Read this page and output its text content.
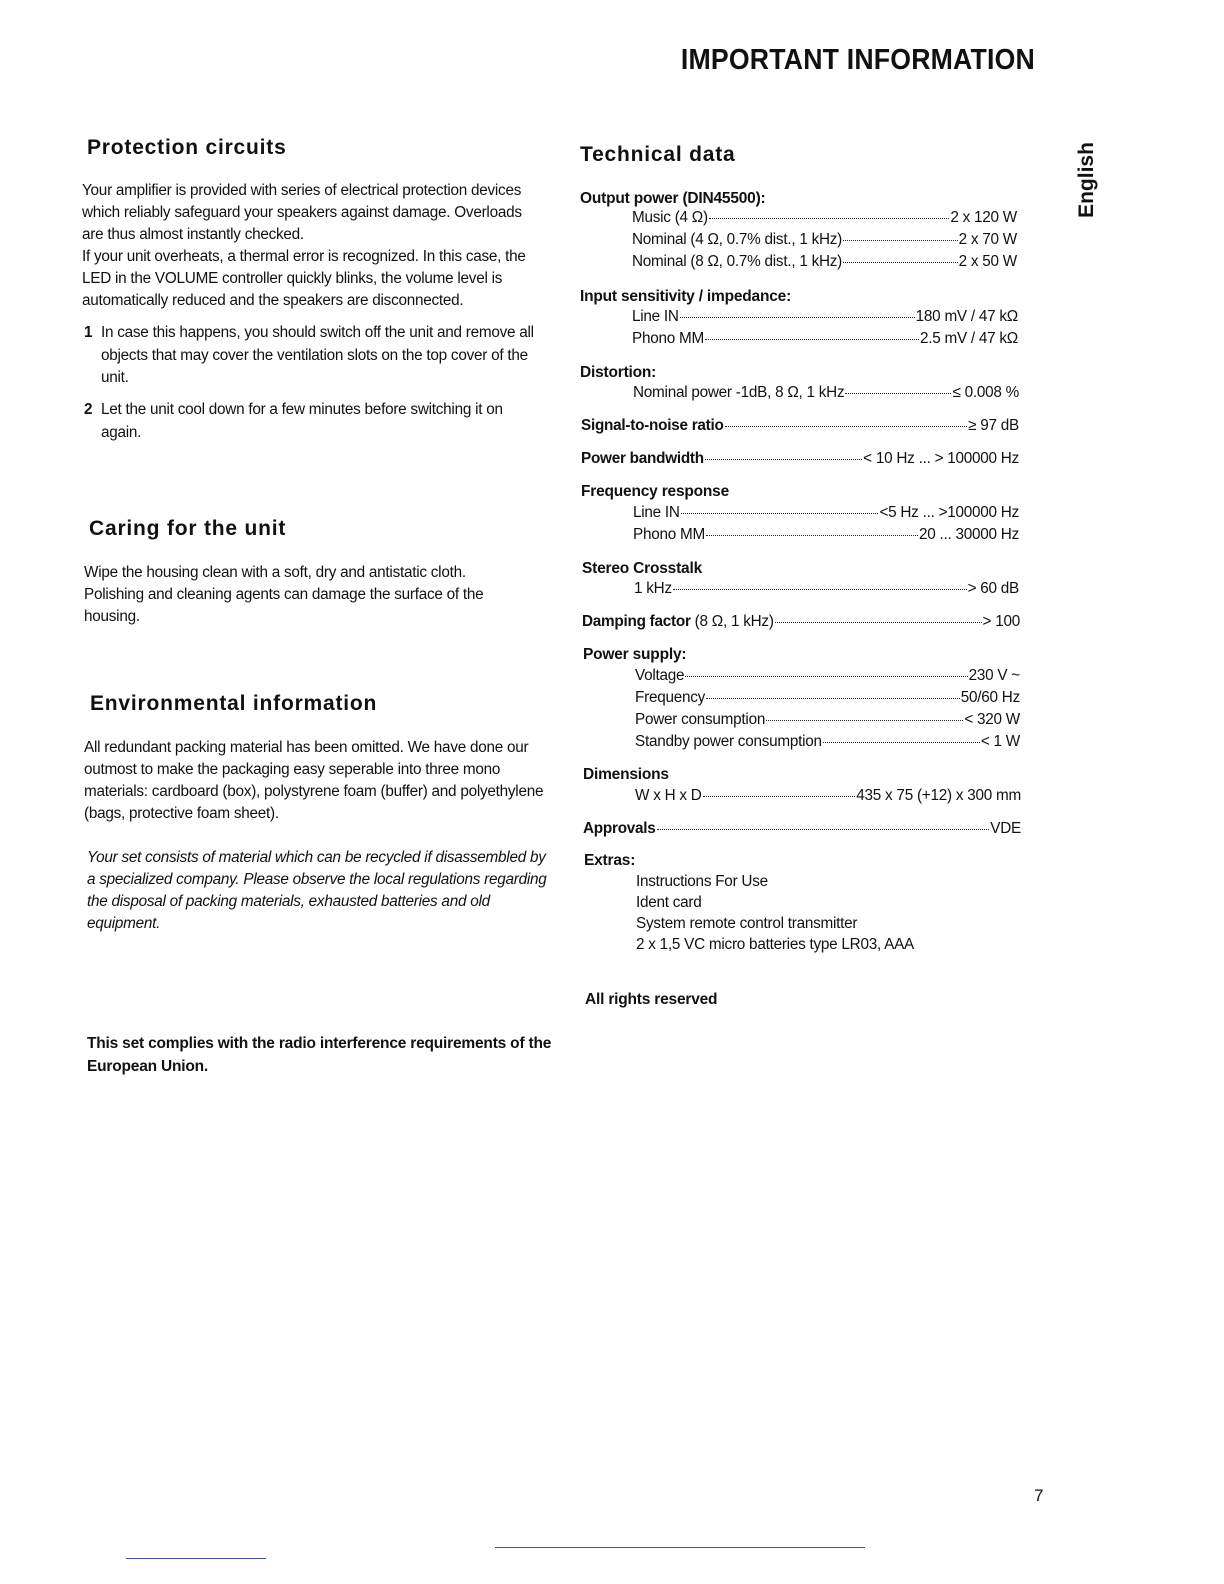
IMPORTANT INFORMATION
English
Protection circuits

Your amplifier is provided with series of electrical protection devices which reliably safeguard your speakers against damage. Overloads are thus almost instantly checked.

If your unit overheats, a thermal error is recognized. In this case, the LED in the VOLUME controller quickly blinks, the volume level is automatically reduced and the speakers are disconnected.

1 In case this happens, you should switch off the unit and remove all objects that may cover the ventilation slots on the top cover of the unit.
2 Let the unit cool down for a few minutes before switching it on again.
Caring for the unit

Wipe the housing clean with a soft, dry and antistatic cloth. Polishing and cleaning agents can damage the surface of the housing.

Environmental information

All redundant packing material has been omitted. We have done our outmost to make the packaging easy seperable into three mono materials: cardboard (box), polystyrene foam (buffer) and polyethylene (bags, protective foam sheet).

Your set consists of material which can be recycled if disassembled by a specialized company. Please observe the local regulations regarding the disposal of packing materials, exhausted batteries and old equipment.

This set complies with the radio interference requirements of the European Union.
Technical data
Output power (DIN45500):
Music (4 Ω)	2 x 120 W
Nominal (4 Ω, 0.7% dist., 1 kHz)	2 x 70 W
Nominal (8 Ω, 0.7% dist., 1 kHz)	2 x 50 W
Input sensitivity / impedance:
Line IN	180 mV / 47 kΩ
Phono MM	2.5 mV / 47 kΩ
Distortion:
Nominal power -1dB, 8 Ω, 1 kHz	≤ 0.008 %
Signal-to-noise ratio	≥ 97 dB
Power bandwidth	< 10 Hz ... > 100000 Hz
Frequency response
Line IN	<5 Hz ... >100000 Hz
Phono MM	20 ... 30000 Hz
Stereo Crosstalk
1 kHz	> 60 dB
Damping factor (8 Ω, 1 kHz)	> 100
Power supply:
Voltage	230 V ~
Frequency	50/60 Hz
Power consumption	< 320 W
Standby power consumption	< 1 W
Dimensions
W x H x D	435 x 75 (+12) x 300 mm
Approvals	VDE
Extras:
Instructions For Use
Ident card
System remote control transmitter
2 x 1,5 VC micro batteries type LR03, AAA
All rights reserved
7
